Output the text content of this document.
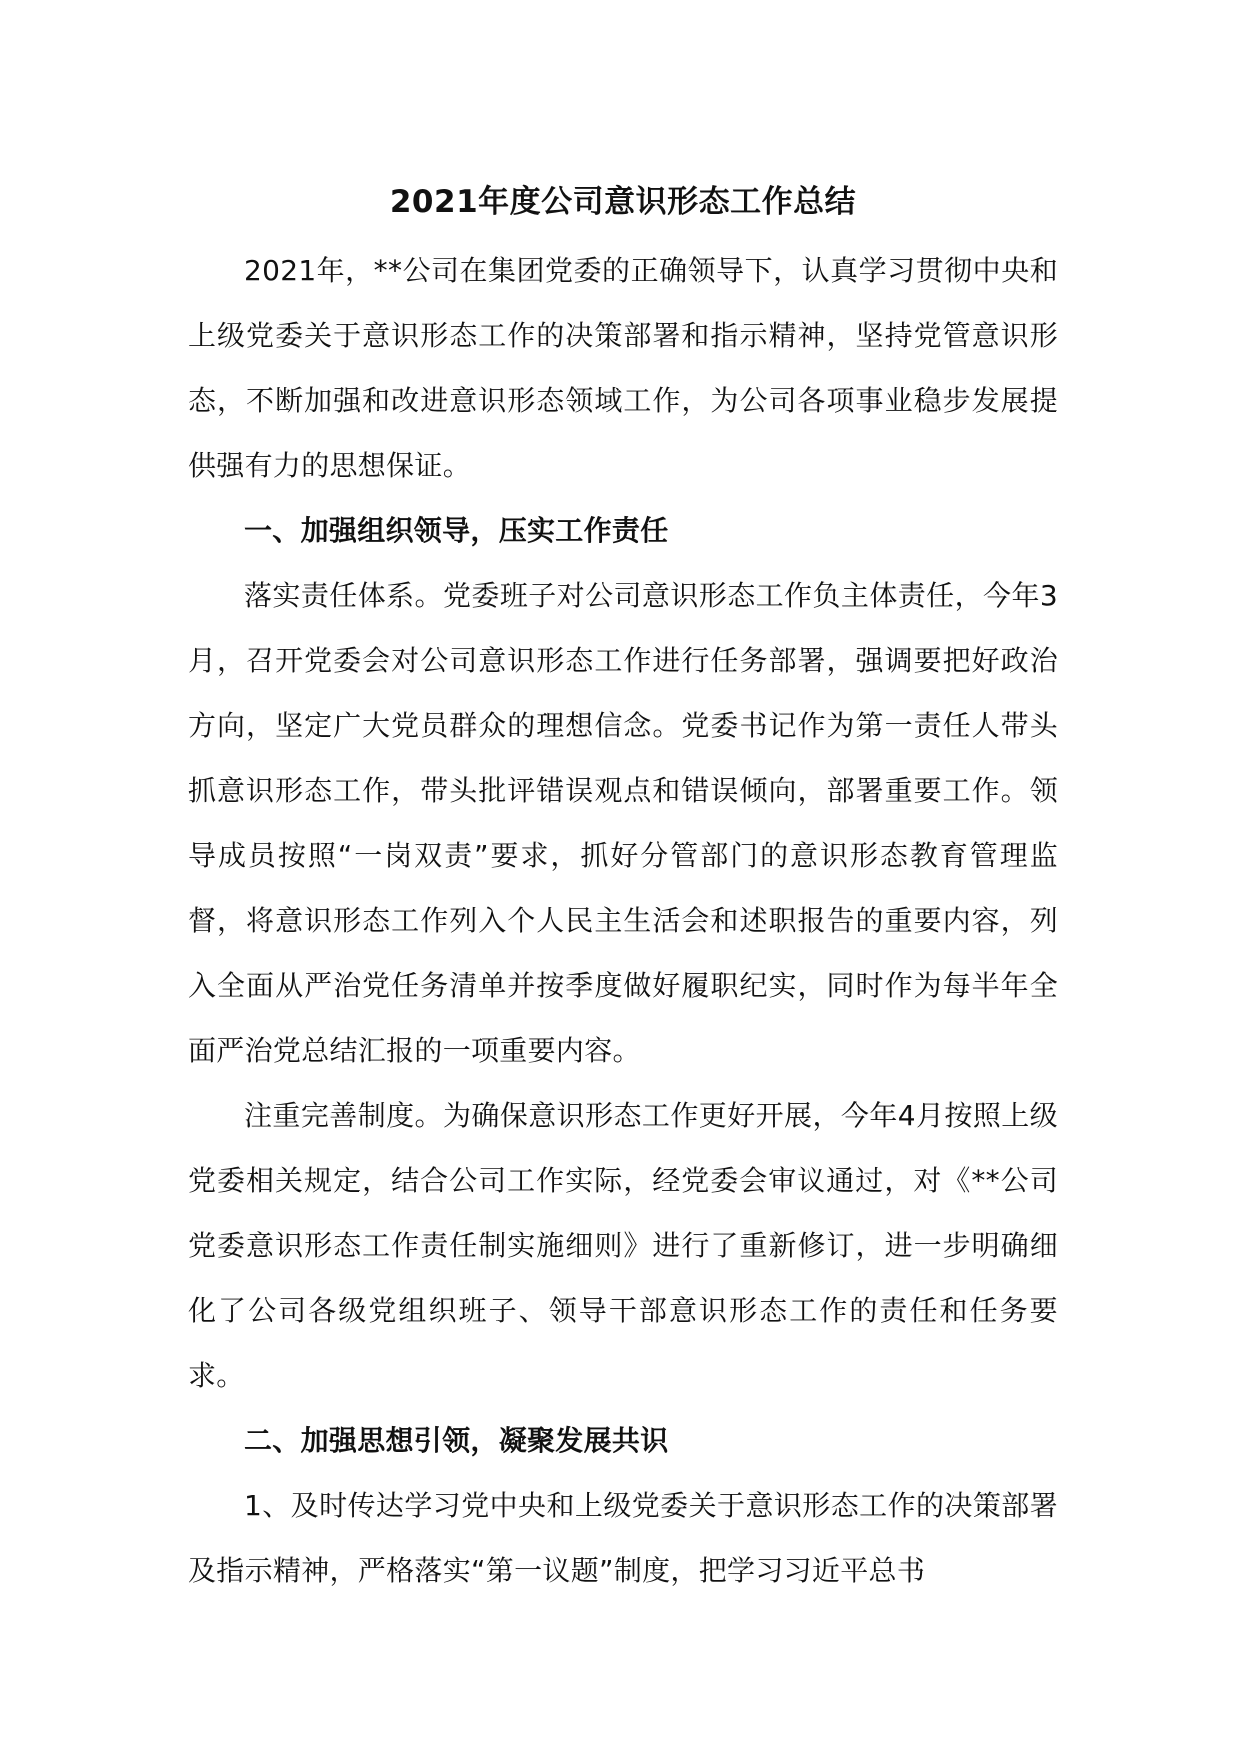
2021年度公司意识形态工作总结

2021年，**公司在集团党委的正确领导下，认真学习贯彻中央和上级党委关于意识形态工作的决策部署和指示精神，坚持党管意识形态，不断加强和改进意识形态领域工作，为公司各项事业稳步发展提供强有力的思想保证。

一、加强组织领导，压实工作责任

落实责任体系。党委班子对公司意识形态工作负主体责任，今年3月，召开党委会对公司意识形态工作进行任务部署，强调要把好政治方向，坚定广大党员群众的理想信念。党委书记作为第一责任人带头抓意识形态工作，带头批评错误观点和错误倾向，部署重要工作。领导成员按照“一岗双责”要求，抓好分管部门的意识形态教育管理监督，将意识形态工作列入个人民主生活会和述职报告的重要内容，列入全面从严治党任务清单并按季度做好履职纪实，同时作为每半年全面严治党总结汇报的一项重要内容。

注重完善制度。为确保意识形态工作更好开展，今年4月按照上级党委相关规定，结合公司工作实际，经党委会审议通过，对《**公司党委意识形态工作责任制实施细则》进行了重新修订，进一步明确细化了公司各级党组织班子、领导干部意识形态工作的责任和任务要求。

二、加强思想引领，凝聚发展共识

1、及时传达学习党中央和上级党委关于意识形态工作的决策部署及指示精神，严格落实“第一议题”制度，把学习习近平总书
